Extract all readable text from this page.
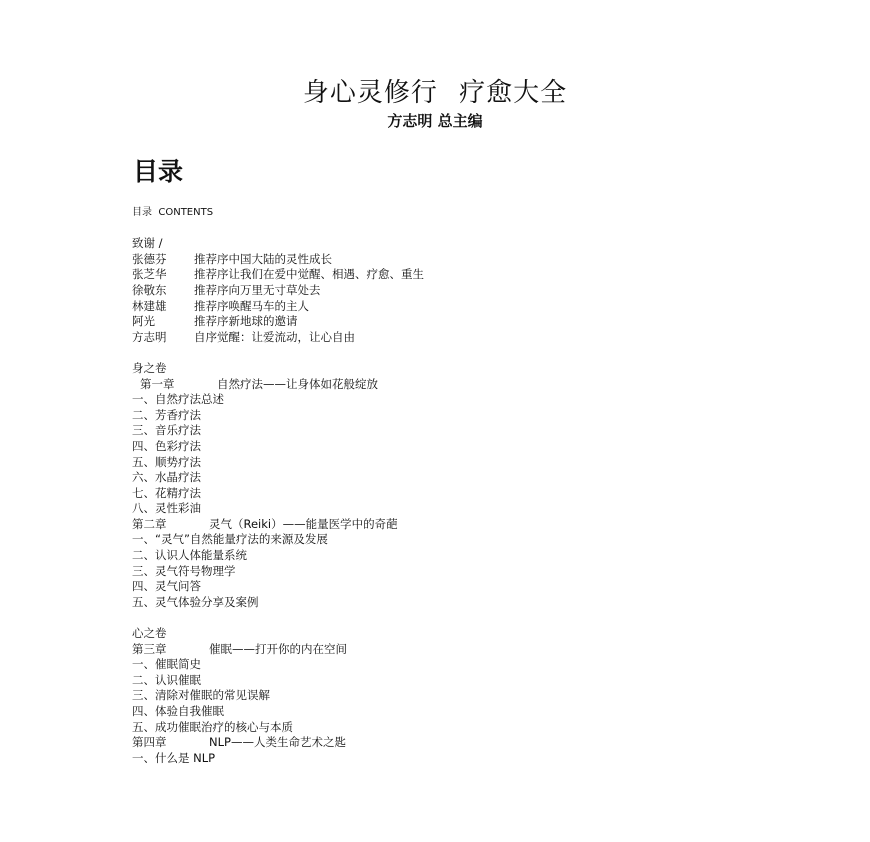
身心灵修行 疗愈大全
方志明 总主编
目录
目录  CONTENTS
致谢 /
张德芬 推荐序中国大陆的灵性成长
张芝华 推荐序让我们在爱中觉醒、相遇、疗愈、重生
徐敬东 推荐序向万里无寸草处去
林建雄 推荐序唤醒马车的主人
阿光	推荐序新地球的邀请
方志明 自序觉醒：让爱流动，让心自由
身之卷
第一章	自然疗法——让身体如花般绽放
一、自然疗法总述
二、芳香疗法
三、音乐疗法
四、色彩疗法
五、顺势疗法
六、水晶疗法
七、花精疗法
八、灵性彩油
第二章	灵气（Reiki）——能量医学中的奇葩
一、“灵气”自然能量疗法的来源及发展
二、认识人体能量系统
三、灵气符号物理学
四、灵气问答
五、灵气体验分享及案例
心之卷
第三章	催眠——打开你的内在空间
一、催眠简史
二、认识催眠
三、清除对催眠的常见误解
四、体验自我催眠
五、成功催眠治疗的核心与本质
第四章	NLP——人类生命艺术之匙
一、什么是 NLP
